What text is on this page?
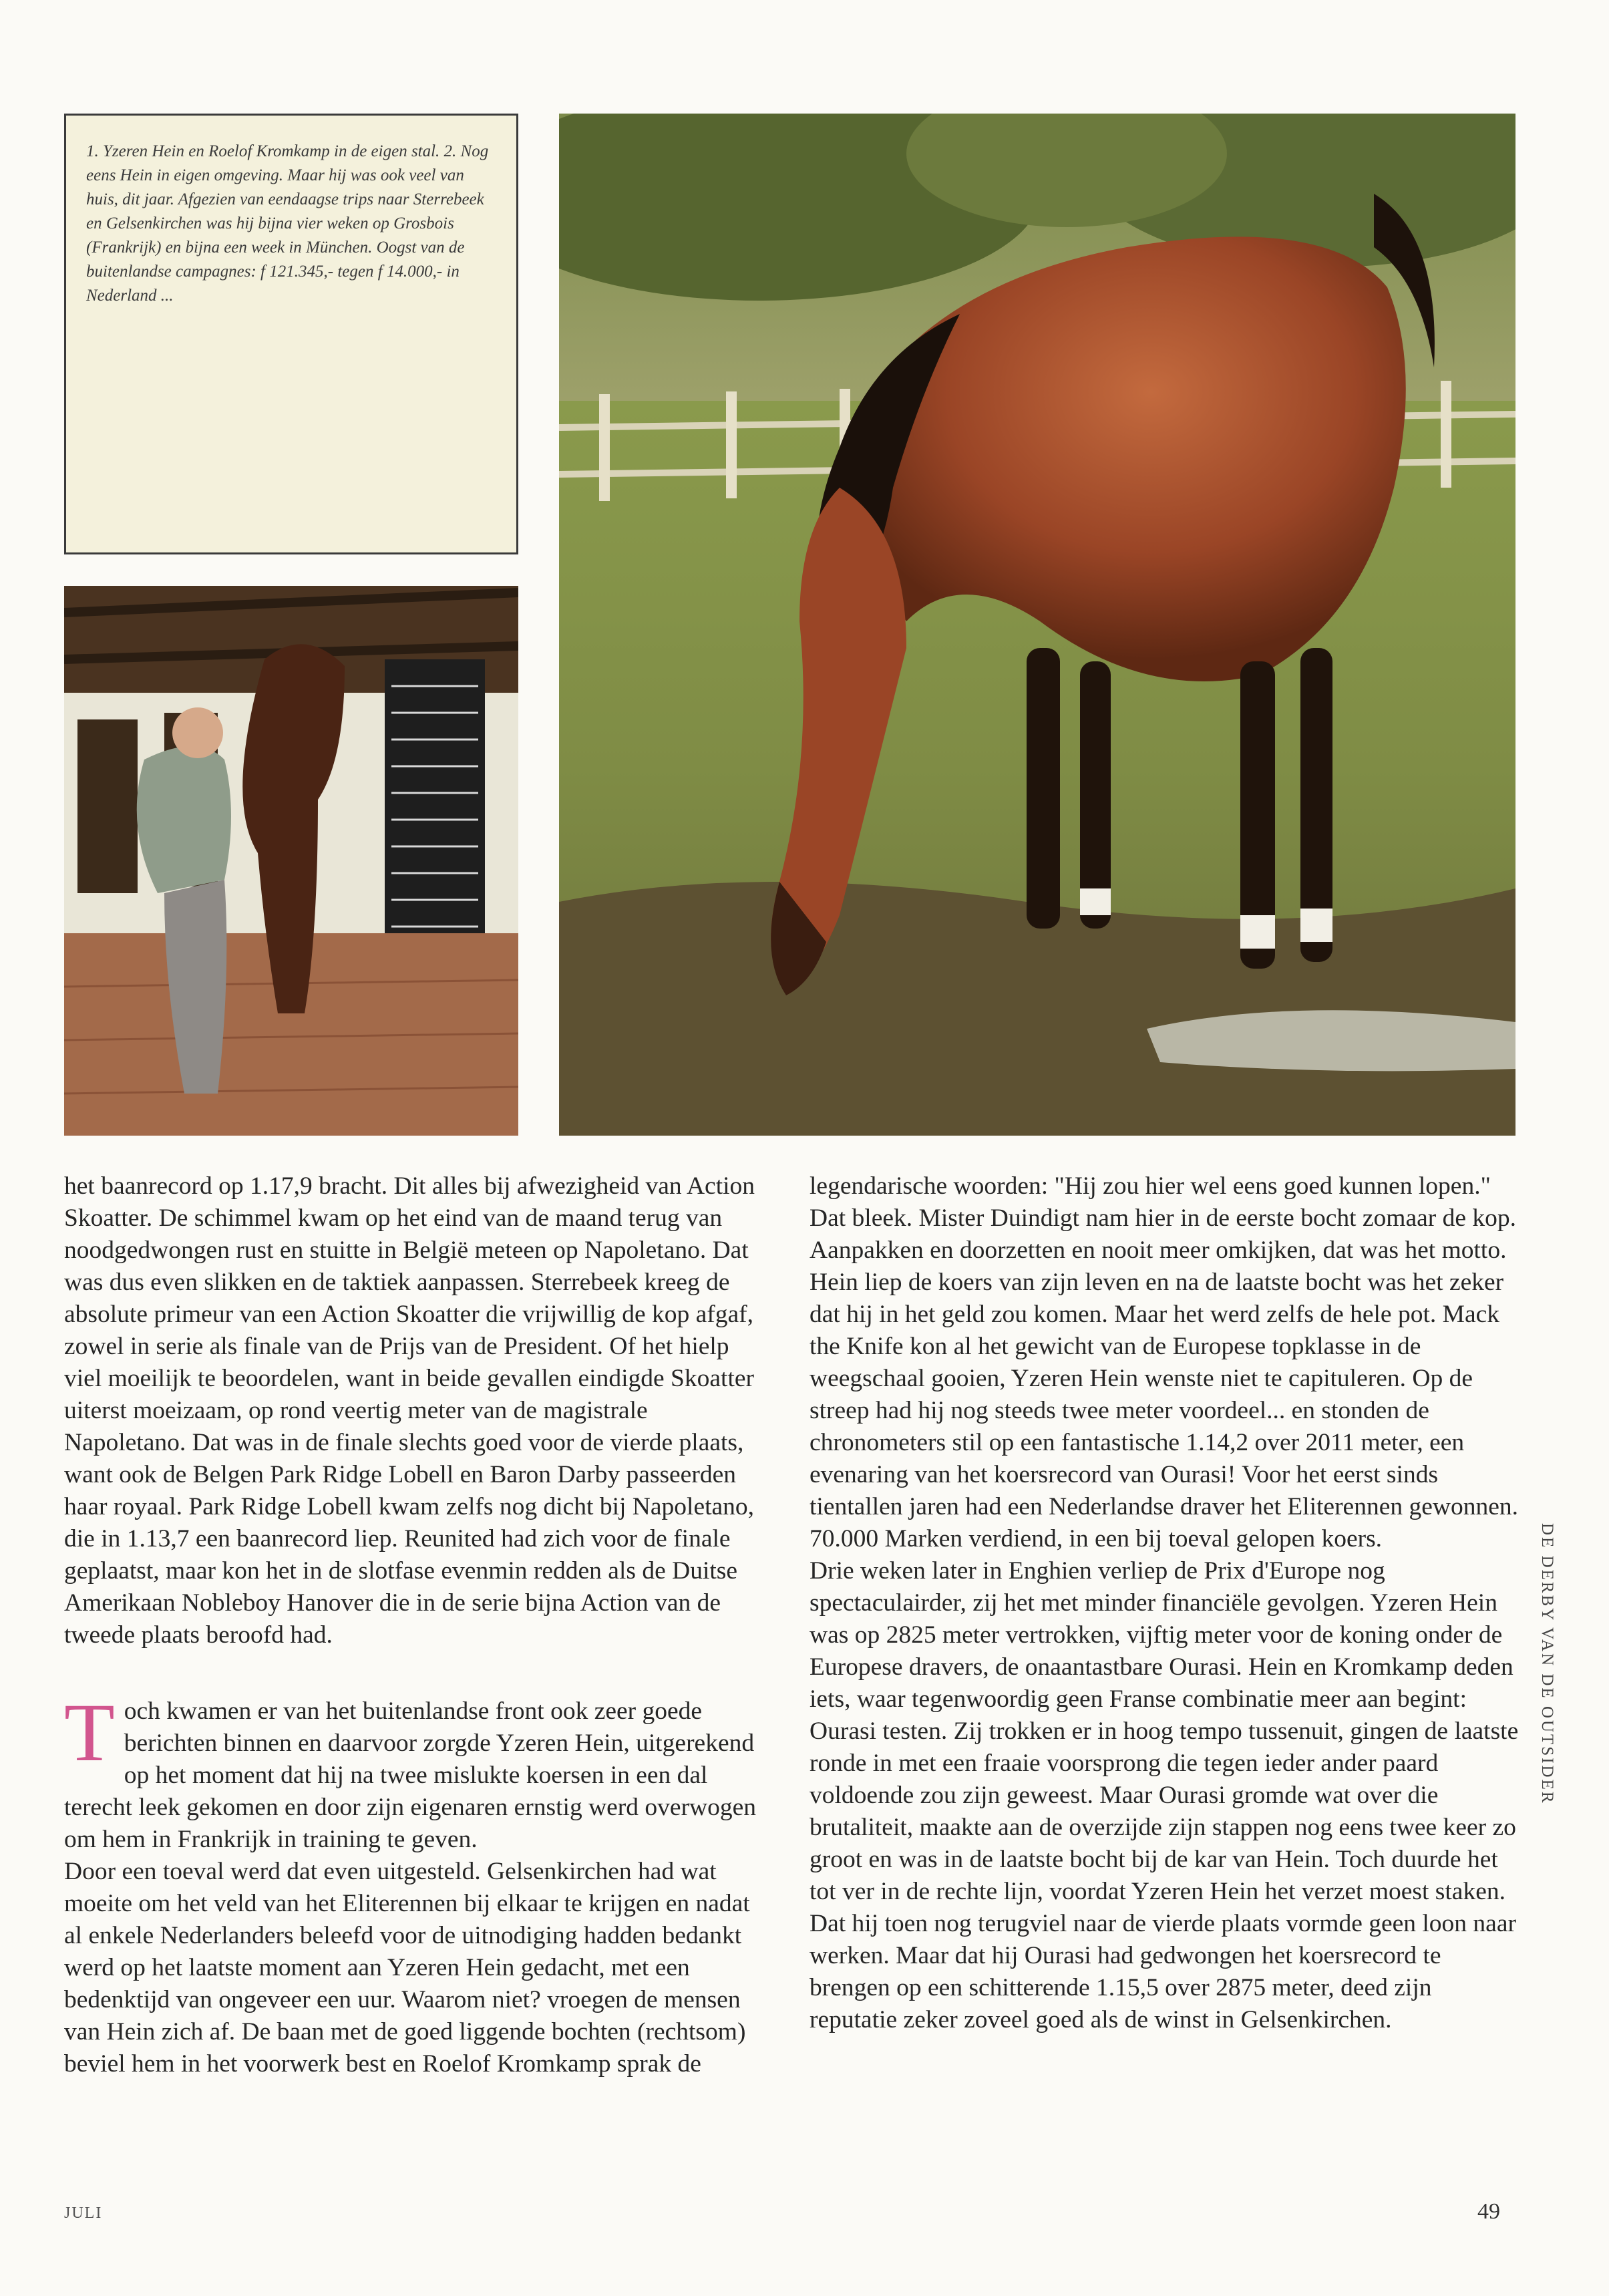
1. Yzeren Hein en Roelof Kromkamp in de eigen stal. 2. Nog eens Hein in eigen omgeving. Maar hij was ook veel van huis, dit jaar. Afgezien van eendaagse trips naar Sterrebeek en Gelsenkirchen was hij bijna vier weken op Grosbois (Frankrijk) en bijna een week in München. Oogst van de buitenlandse campagnes: f 121.345,- tegen f 14.000,- in Nederland ...

het baanrecord op 1.17,9 bracht. Dit alles bij afwezigheid van Action Skoatter. De schimmel kwam op het eind van de maand terug van noodgedwongen rust en stuitte in België meteen op Napoletano. Dat was dus even slikken en de taktiek aanpassen. Sterrebeek kreeg de absolute primeur van een Action Skoatter die vrijwillig de kop afgaf, zowel in serie als finale van de Prijs van de President. Of het hielp viel moeilijk te beoordelen, want in beide gevallen eindigde Skoatter uiterst moeizaam, op rond veertig meter van de magistrale Napoletano. Dat was in de finale slechts goed voor de vierde plaats, want ook de Belgen Park Ridge Lobell en Baron Darby passeerden haar royaal. Park Ridge Lobell kwam zelfs nog dicht bij Napoletano, die in 1.13,7 een baanrecord liep. Reunited had zich voor de finale geplaatst, maar kon het in de slotfase evenmin redden als de Duitse Amerikaan Nobleboy Hanover die in de serie bijna Action van de tweede plaats beroofd had.

T och kwamen er van het buitenlandse front ook zeer goede berichten binnen en daarvoor zorgde Yzeren Hein, uitgerekend op het moment dat hij na twee mislukte koersen in een dal terecht leek gekomen en door zijn eigenaren ernstig werd overwogen om hem in Frankrijk in training te geven.

Door een toeval werd dat even uitgesteld. Gelsenkirchen had wat moeite om het veld van het Eliterennen bij elkaar te krijgen en nadat al enkele Nederlanders beleefd voor de uitnodiging hadden bedankt werd op het laatste moment aan Yzeren Hein gedacht, met een bedenktijd van ongeveer een uur. Waarom niet? vroegen de mensen van Hein zich af. De baan met de goed liggende bochten (rechtsom) beviel hem in het voorwerk best en Roelof Kromkamp sprak de

legendarische woorden: "Hij zou hier wel eens goed kunnen lopen."

Dat bleek. Mister Duindigt nam hier in de eerste bocht zomaar de kop. Aanpakken en doorzetten en nooit meer omkijken, dat was het motto. Hein liep de koers van zijn leven en na de laatste bocht was het zeker dat hij in het geld zou komen. Maar het werd zelfs de hele pot. Mack the Knife kon al het gewicht van de Europese topklasse in de weegschaal gooien, Yzeren Hein wenste niet te capituleren. Op de streep had hij nog steeds twee meter voordeel... en stonden de chronometers stil op een fantastische 1.14,2 over 2011 meter, een evenaring van het koersrecord van Ourasi! Voor het eerst sinds tientallen jaren had een Nederlandse draver het Eliterennen gewonnen. 70.000 Marken verdiend, in een bij toeval gelopen koers.

Drie weken later in Enghien verliep de Prix d'Europe nog spectaculairder, zij het met minder financiële gevolgen. Yzeren Hein was op 2825 meter vertrokken, vijftig meter voor de koning onder de Europese dravers, de onaantastbare Ourasi. Hein en Kromkamp deden iets, waar tegenwoordig geen Franse combinatie meer aan begint: Ourasi testen. Zij trokken er in hoog tempo tussenuit, gingen de laatste ronde in met een fraaie voorsprong die tegen ieder ander paard voldoende zou zijn geweest. Maar Ourasi gromde wat over die brutaliteit, maakte aan de overzijde zijn stappen nog eens twee keer zo groot en was in de laatste bocht bij de kar van Hein. Toch duurde het tot ver in de rechte lijn, voordat Yzeren Hein het verzet moest staken. Dat hij toen nog terugviel naar de vierde plaats vormde geen loon naar werken. Maar dat hij Ourasi had gedwongen het koersrecord te brengen op een schitterende 1.15,5 over 2875 meter, deed zijn reputatie zeker zoveel goed als de winst in Gelsenkirchen.

DE DERBY VAN DE OUTSIDER
JULI	49
